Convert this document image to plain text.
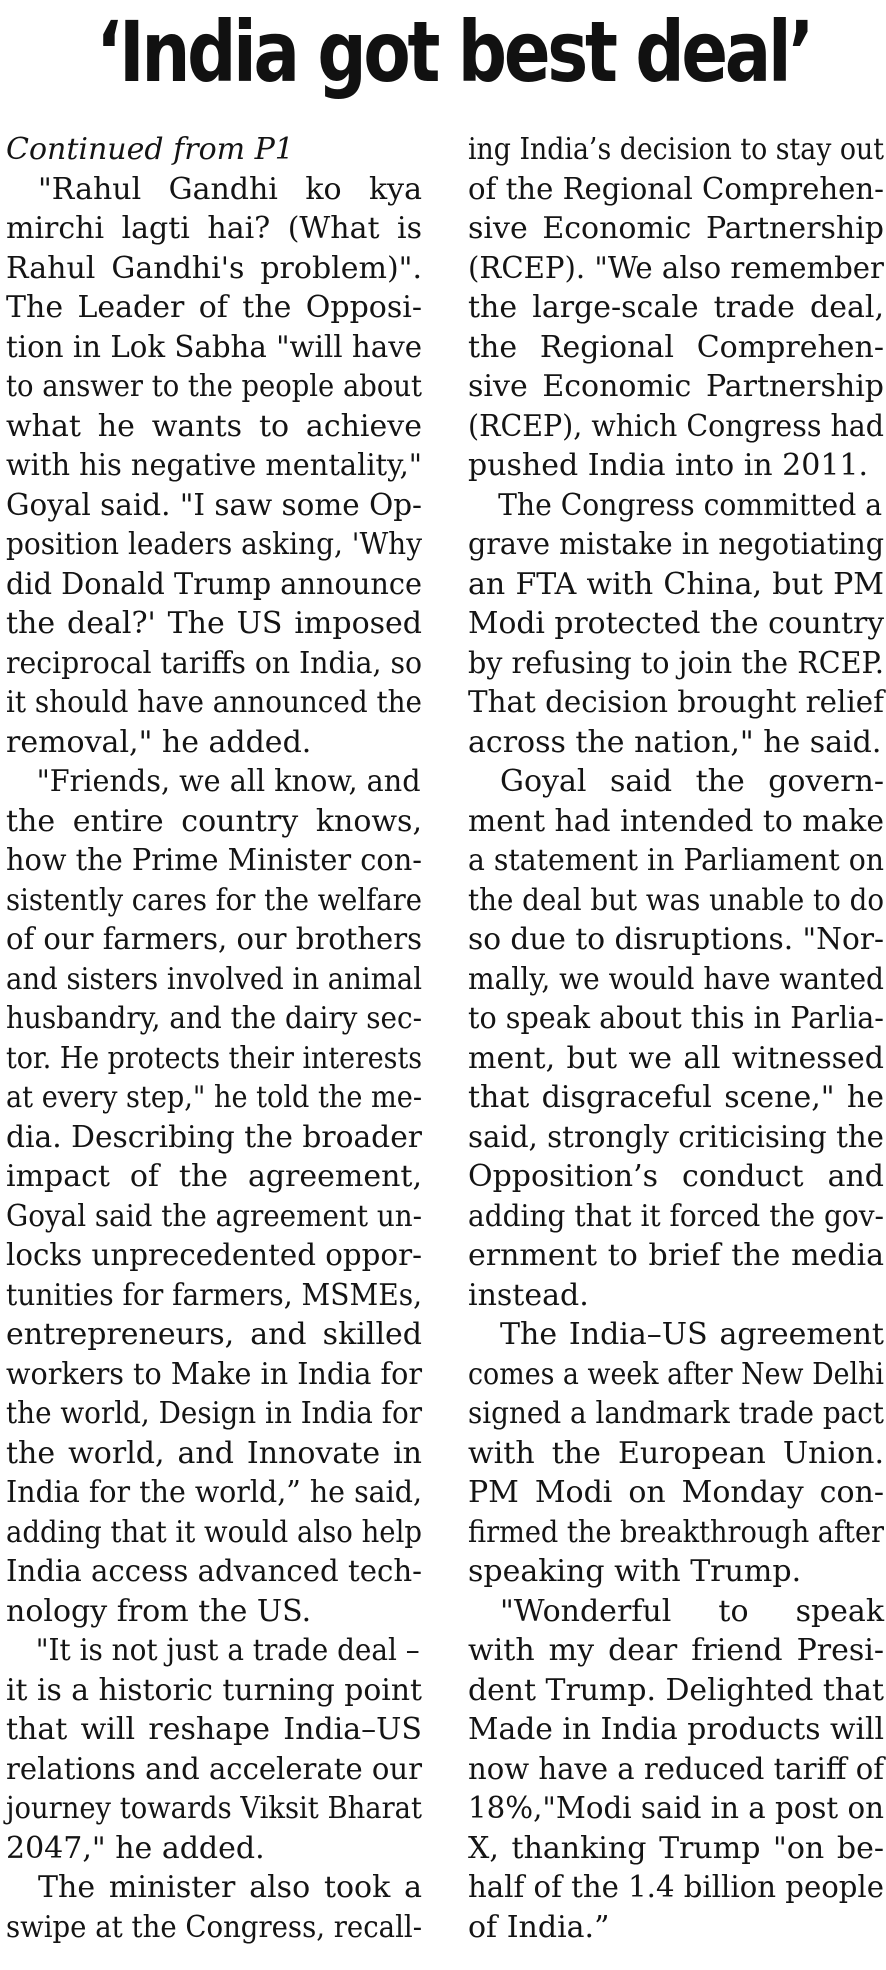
‘India got best deal’
Continued from P1
"Rahul Gandhi ko kya
mirchi lagti hai? (What is
Rahul Gandhi's problem)".
The Leader of the Opposi-
tion in Lok Sabha "will have
to answer to the people about
what he wants to achieve
with his negative mentality,"
Goyal said. "I saw some Op-
position leaders asking, 'Why
did Donald Trump announce
the deal?' The US imposed
reciprocal tariffs on India, so
it should have announced the
removal," he added.
"Friends, we all know, and
the entire country knows,
how the Prime Minister con-
sistently cares for the welfare
of our farmers, our brothers
and sisters involved in animal
husbandry, and the dairy sec-
tor. He protects their interests
at every step," he told the me-
dia. Describing the broader
impact of the agreement,
Goyal said the agreement un-
locks unprecedented oppor-
tunities for farmers, MSMEs,
entrepreneurs, and skilled
workers to Make in India for
the world, Design in India for
the world, and Innovate in
India for the world,” he said,
adding that it would also help
India access advanced tech-
nology from the US.
"It is not just a trade deal –
it is a historic turning point
that will reshape India–US
relations and accelerate our
journey towards Viksit Bharat
2047," he added.
The minister also took a
swipe at the Congress, recall-
ing India’s decision to stay out
of the Regional Comprehen-
sive Economic Partnership
(RCEP). "We also remember
the large-scale trade deal,
the Regional Comprehen-
sive Economic Partnership
(RCEP), which Congress had
pushed India into in 2011.
The Congress committed a
grave mistake in negotiating
an FTA with China, but PM
Modi protected the country
by refusing to join the RCEP.
That decision brought relief
across the nation," he said.
Goyal said the govern-
ment had intended to make
a statement in Parliament on
the deal but was unable to do
so due to disruptions. "Nor-
mally, we would have wanted
to speak about this in Parlia-
ment, but we all witnessed
that disgraceful scene," he
said, strongly criticising the
Opposition’s conduct and
adding that it forced the gov-
ernment to brief the media
instead.
The India–US agreement
comes a week after New Delhi
signed a landmark trade pact
with the European Union.
PM Modi on Monday con-
firmed the breakthrough after
speaking with Trump.
"Wonderful to speak
with my dear friend Presi-
dent Trump. Delighted that
Made in India products will
now have a reduced tariff of
18%,"Modi said in a post on
X, thanking Trump "on be-
half of the 1.4 billion people
of India.”
